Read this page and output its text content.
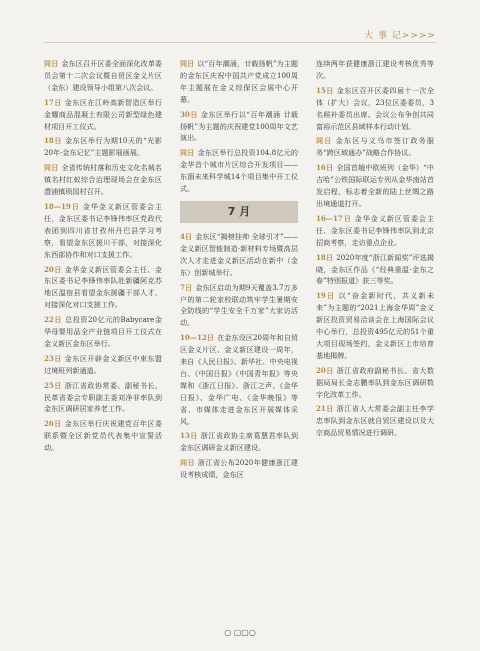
大 事 记>>>>

同日 金东区召开区委全面深化改革委员会第十二次会议暨自贸区金义片区（金东）建设领导小组第八次会议。

17日 金东区在江岭高新智造区举行金耀商品混凝土有限公司新型绿色建材项目开工仪式。

18日 金东区举行为期10天的“光影20年·金东记忆”主题影展画展。

同日 全省传统村落和历史文化名城名镇名村红蚁综合治理现场会在金东区澧浦镇琐园村召开。

18—19日 金华金义新区管委会主任、金东区委书记李锋伟率区党政代表团到四川省甘孜州丹巴县学习考察，看望金东区援川干部，对接深化东西部协作和对口支援工作。

20日 金华金义新区管委会主任、金东区委书记李锋伟率队赴新疆阿克苏地区温宿县看望金东援疆干部人才，对接深化对口支援工作。

22日 总投资20亿元的Babycare金华母婴用品全产业链项目开工仪式在金义新区金东区举行。

23日 金东区开辟金义新区中束东盟过境班列新通道。

25日 浙江省政协常委、副秘书长、民革省委会专职副主委刘净非率队到金东区调研居家养老工作。

26日 金东区举行庆祝建党百年区委联系暨全区新党员代表集中宣誓活动。

同日 以“百年潮涌，廿载扬帆”为主题的金东区庆祝中国共产党成立100周年主题展在金义综保区会展中心开幕。

30日 金东区举行以“百年潮涌 廿载扬帆”为主题的庆祝建党100周年文艺演出。

同日 金东区举行总投资104.8亿元的金华首个城市片区综合开发项目——东湄未来科学城14个项目集中开工仪式。

7 月

4日 金东区“揭榜挂帅 全球引才”——金义新区智能制造·新材料专场暨高层次人才走进金义新区活动在新中（金东）创新城举行。

7日 金东区启动为期9天覆盖3.7万多户的第二轮家校联动筑牢学生暑期安全防线的“学生安全千万家”大家访活动。

10—12日 在金东设区20周年和自贸区金义片区、金义新区建设一周年，来自《人民日报》、新华社、中央电视台、《中国日报》《中国青年报》等央媒和《浙江日报》、浙江之声、《金华日报》、金华广电、《金华晚报》等省、市媒体走进金东区开展媒体采风。

13日 浙江省政协主席葛慧君率队到金东区调研金义新区建设。

同日 浙江省公布2020年健康浙江建设考核成绩，金东区

连续两年获健康浙江建设考核优秀等次。

15日 金东区召开区委四届十一次全体（扩大）会议，23位区委委员，3名候补委员出席。会议公布争创共同富裕示范区县域样本行动计划。

同日 金东区与义乌市签订政务服务“跨区域通办”战略合作协议。

16日 全国首趟中欧班列（金华）“中吉哈”公铁国际联运专列从金华南站首发启程，标志着全新的陆上丝绸之路出境通道打开。

16—17日 金华金义新区管委会主任、金东区委书记李锋伟率队到北京招商考察，走访重点企业。

18日 2020年度“浙江新闻奖”评选揭晓，金东区作品《“经典重温·金东之春”特别报道》获三等奖。

19日 以“奋金新时代，共义新未来”为主题的“2021上海金华周”金义新区投资贸易洽谈会在上海国际会议中心举行，总投资495亿元的51个重大项目现场签约，金义新区上市培育基地揭牌。

20日 浙江省政府副秘书长、省大数据局局长金志鹏率队到金东区调研数字化改革工作。

21日 浙江省人大常委会副主任李学忠率队到金东区就自贸区建设以及大宗商品贸易情况进行调研。

○ ▢▢○
